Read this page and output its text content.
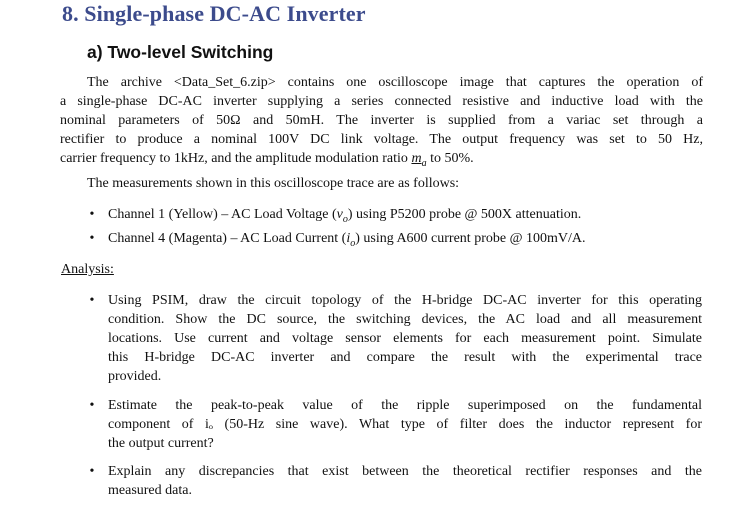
8. Single-phase DC-AC Inverter
a) Two-level Switching
The archive <Data_Set_6.zip> contains one oscilloscope image that captures the operation of
a single-phase DC-AC inverter supplying a series connected resistive and inductive load with the
nominal parameters of 50Ω and 50mH. The inverter is supplied from a variac set through a
rectifier to produce a nominal 100V DC link voltage. The output frequency was set to 50 Hz,
carrier frequency to 1kHz, and the amplitude modulation ratio $m_a$ to 50%.
The measurements shown in this oscilloscope trace are as follows:
• Channel 1 (Yellow) – AC Load Voltage $(v_o)$ using P5200 probe @ 500X attenuation.
• Channel 4 (Magenta) – AC Load Current $(i_o)$ using A600 current probe @ 100mV/A.
Analysis:
• Using PSIM, draw the circuit topology of the H-bridge DC-AC inverter for this operating
condition. Show the DC source, the switching devices, the AC load and all measurement
locations. Use current and voltage sensor elements for each measurement point. Simulate
this H-bridge DC-AC inverter and compare the result with the experimental trace
provided.
• Estimate the peak-to-peak value of the ripple superimposed on the fundamental
component of iₒ (50-Hz sine wave). What type of filter does the inductor represent for
the output current?
• Explain any discrepancies that exist between the theoretical rectifier responses and the
measured data.
